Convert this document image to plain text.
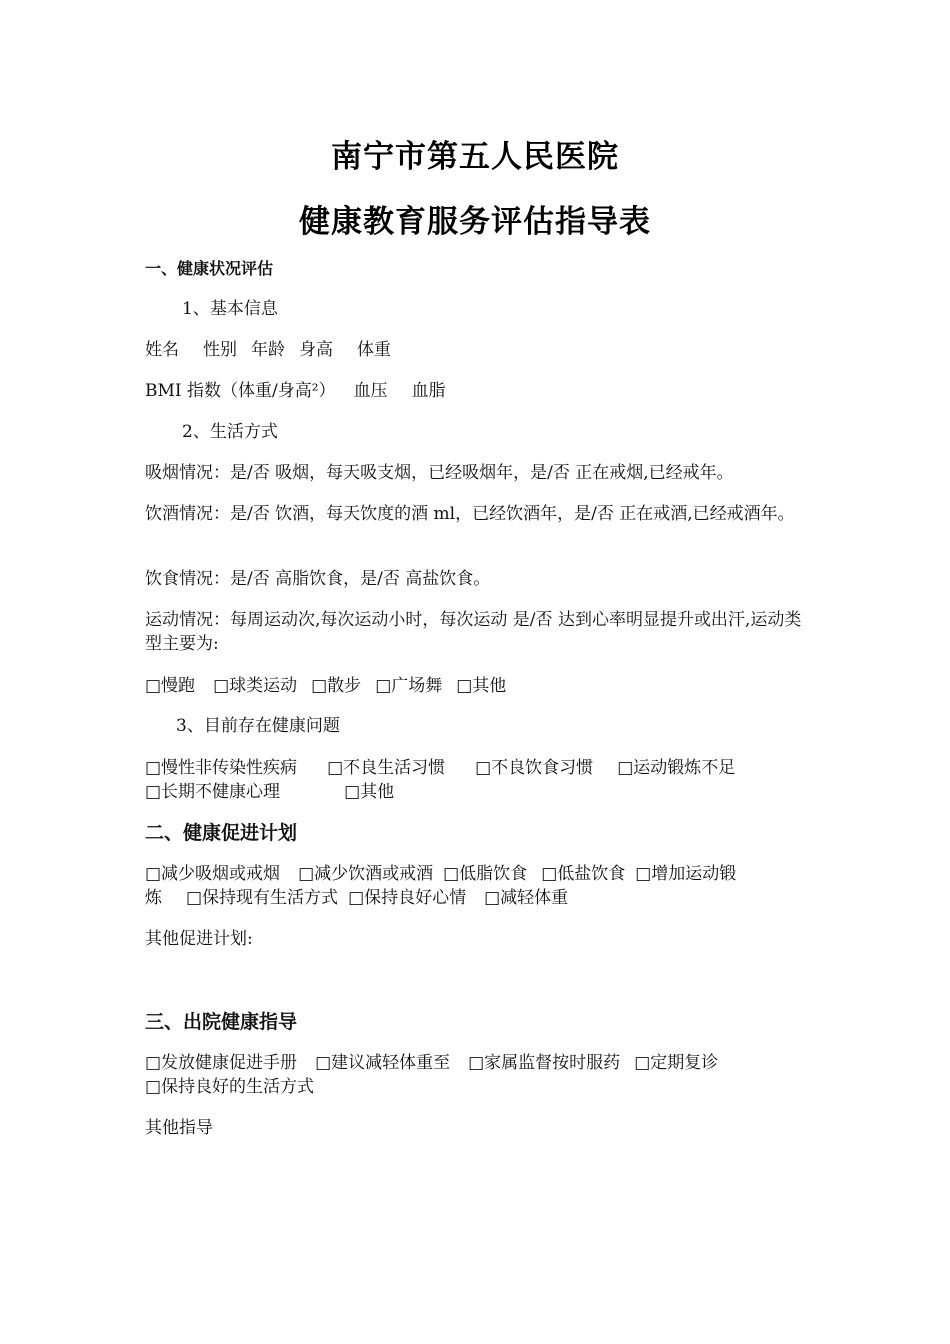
南宁市第五人民医院
健康教育服务评估指导表
一、健康状况评估
1、基本信息
姓名 性别 年龄 身高 体重
BMI 指数（体重/身高²） 血压 血脂
2、生活方式
吸烟情况：是/否 吸烟，每天吸支烟，已经吸烟年，是/否 正在戒烟,已经戒年。
饮酒情况：是/否 饮酒，每天饮度的酒 ml，已经饮酒年，是/否 正在戒酒,已经戒酒年。
饮食情况：是/否 高脂饮食，是/否 高盐饮食。
运动情况：每周运动次,每次运动小时，每次运动 是/否 达到心率明显提升或出汗,运动类型主要为:
□慢跑 □球类运动 □散步 □广场舞 □其他
3、目前存在健康问题
□慢性非传染性疾病 □不良生活习惯 □不良饮食习惯 □运动锻炼不足
□长期不健康心理	□其他
二、健康促进计划
□减少吸烟或戒烟 □减少饮酒或戒酒 □低脂饮食 □低盐饮食 □增加运动锻
炼 □保持现有生活方式 □保持良好心情 □减轻体重
其他促进计划:
三、出院健康指导
□发放健康促进手册 □建议减轻体重至 □家属监督按时服药 □定期复诊
□保持良好的生活方式
其他指导
